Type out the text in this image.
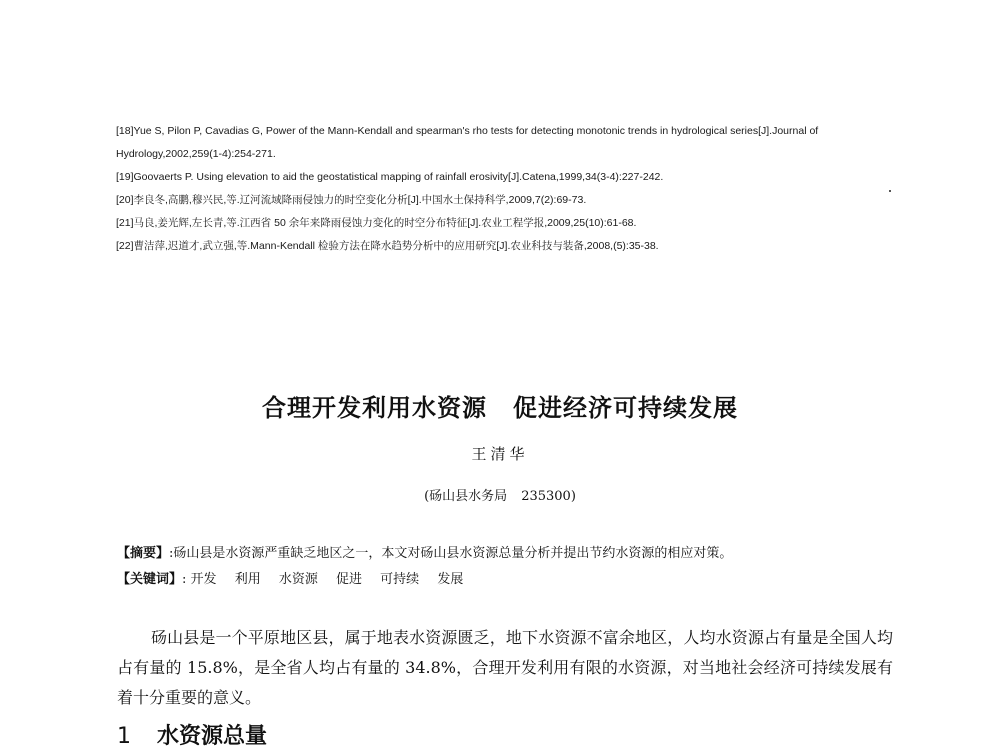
[18]Yue S, Pilon P, Cavadias G, Power of the Mann-Kendall and spearman's rho tests for detecting monotonic trends in hydrological series[J].Journal of Hydrology,2002,259(1-4):254-271.

[19]Goovaerts P. Using elevation to aid the geostatistical mapping of rainfall erosivity[J].Catena,1999,34(3-4):227-242.

[20]李良冬,高鹏,穆兴民,等.辽河流域降雨侵蚀力的时空变化分析[J].中国水土保持科学,2009,7(2):69-73.

[21]马良,姜光辉,左长青,等.江西省 50 余年来降雨侵蚀力变化的时空分布特征[J].农业工程学报,2009,25(10):61-68.

[22]曹洁萍,迟道才,武立强,等.Mann-Kendall 检验方法在降水趋势分析中的应用研究[J].农业科技与装备,2008,(5):35-38.

合理开发利用水资源 促进经济可持续发展
王清华
(砀山县水务局 235300)
【摘要】:砀山县是水资源严重缺乏地区之一，本文对砀山县水资源总量分析并提出节约水资源的相应对策。
【关键词】: 开发 利用 水资源 促进 可持续 发展

砀山县是一个平原地区县，属于地表水资源匮乏，地下水资源不富余地区，人均水资源占有量是全国人均占有量的 15.8%，是全省人均占有量的 34.8%，合理开发利用有限的水资源，对当地社会经济可持续发展有着十分重要的意义。

1 水资源总量
